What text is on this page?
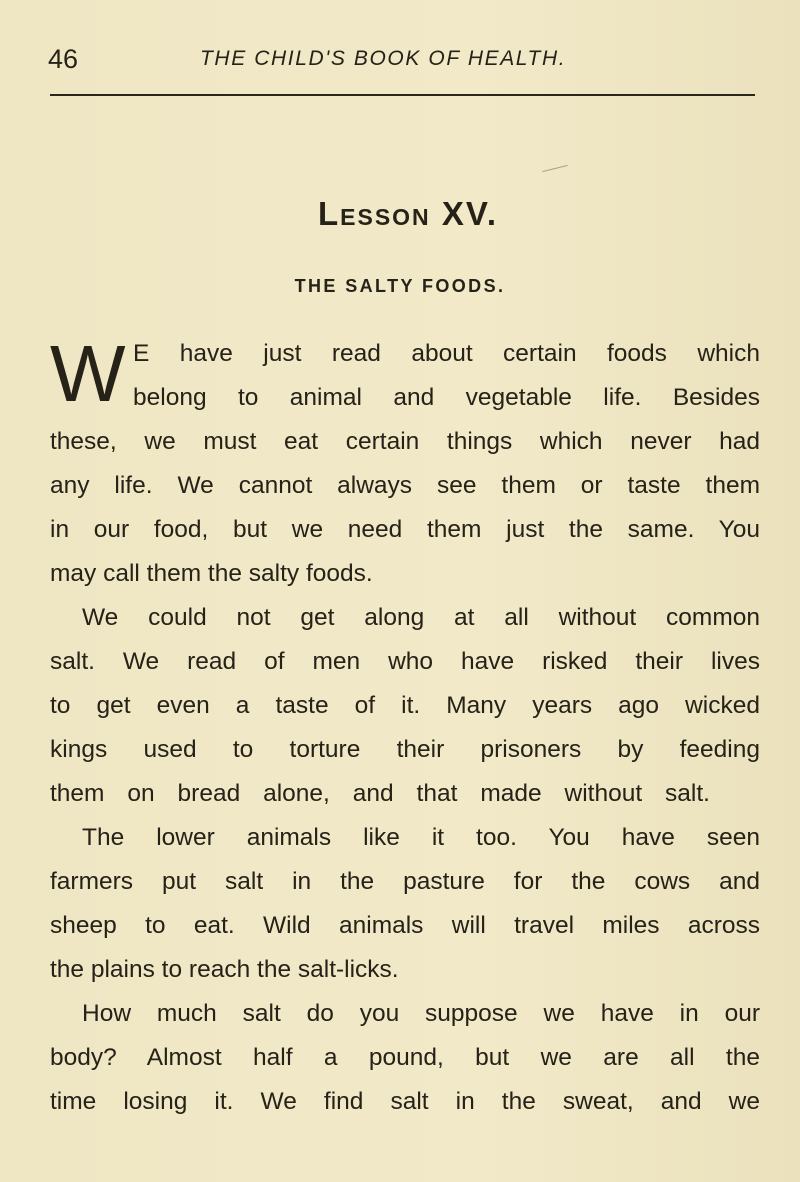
46	THE CHILD'S BOOK OF HEALTH.
Lesson XV.
THE SALTY FOODS.
W E have just read about certain foods which
belong to animal and vegetable life. Besides
these, we must eat certain things which never had
any life. We cannot always see them or taste them
in our food, but we need them just the same. You
may call them the salty foods.
We could not get along at all without common
salt. We read of men who have risked their lives
to get even a taste of it. Many years ago wicked
kings used to torture their prisoners by feeding
them on bread alone, and that made without salt.
The lower animals like it too. You have seen
farmers put salt in the pasture for the cows and
sheep to eat. Wild animals will travel miles across
the plains to reach the salt-licks.
How much salt do you suppose we have in our
body? Almost half a pound, but we are all the
time losing it. We find salt in the sweat, and we
